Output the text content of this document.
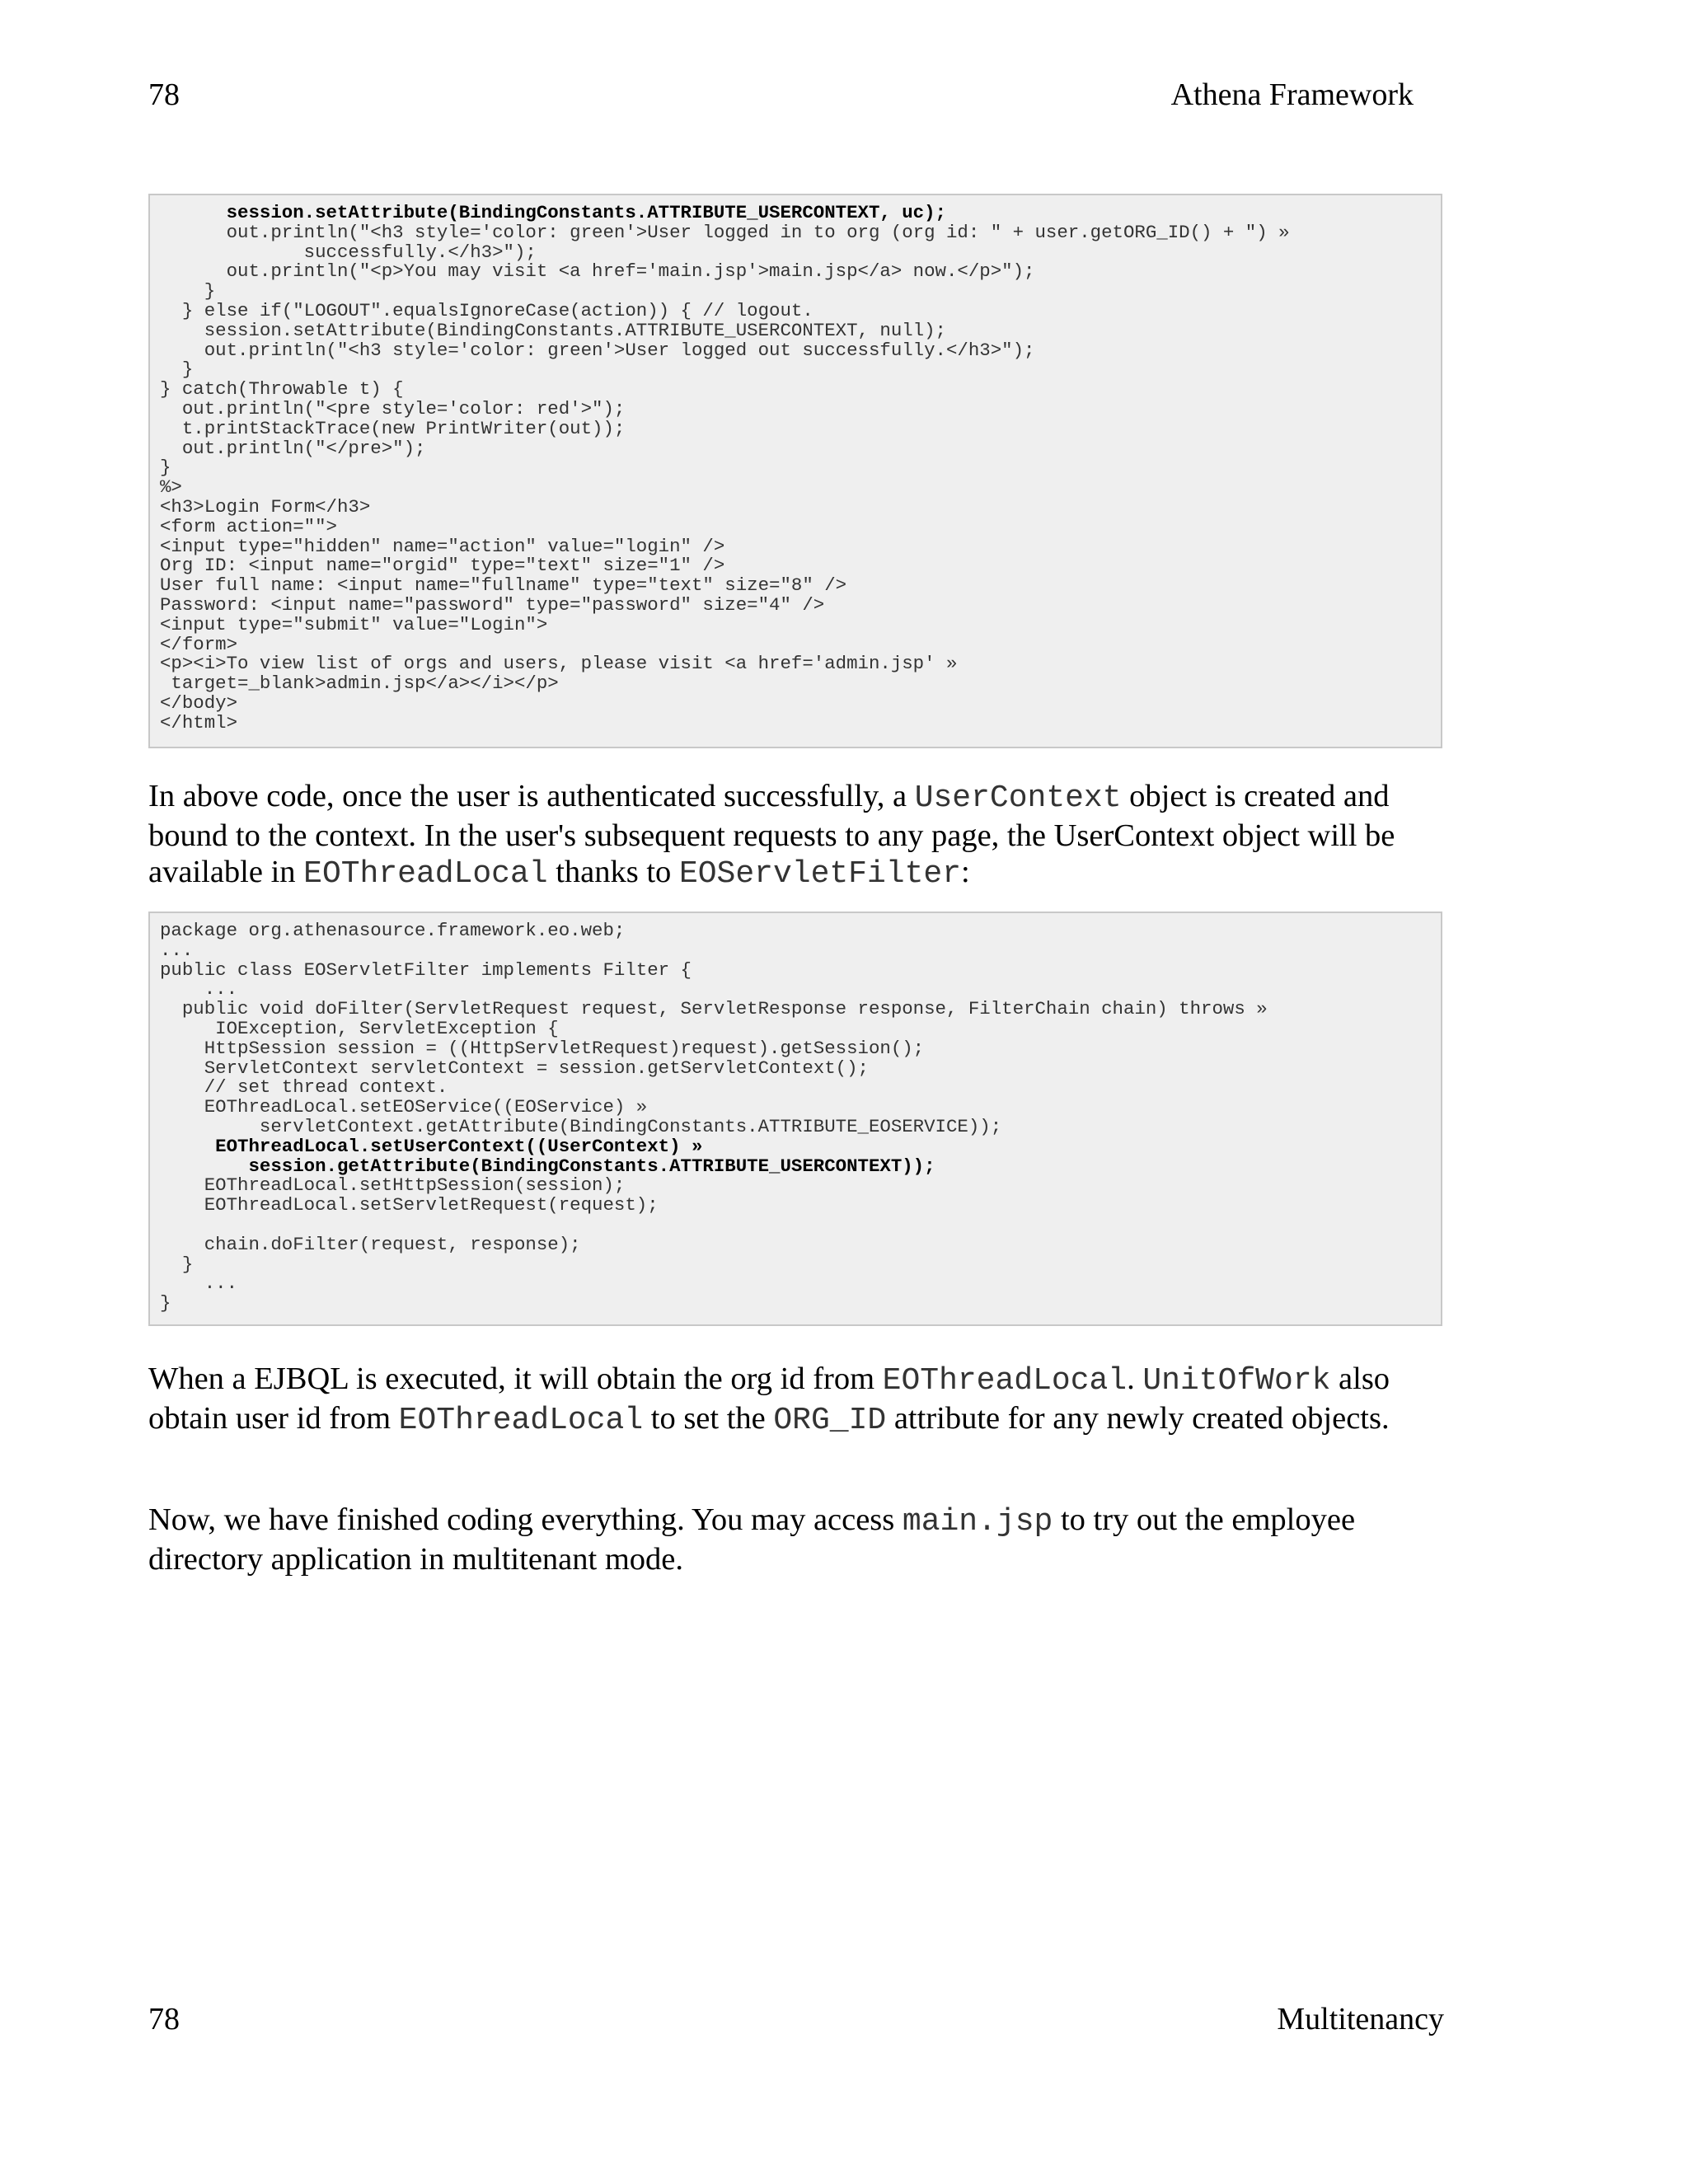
78	Athena Framework
session.setAttribute(BindingConstants.ATTRIBUTE_USERCONTEXT, uc);
out.println("<h3 style='color: green'>User logged in to org (org id: " + user.getORG_ID() + ") »
successfully.</h3>");
out.println("<p>You may visit <a href='main.jsp'>main.jsp</a> now.</p>");
}
} else if("LOGOUT".equalsIgnoreCase(action)) { // logout.
session.setAttribute(BindingConstants.ATTRIBUTE_USERCONTEXT, null);
out.println("<h3 style='color: green'>User logged out successfully.</h3>");
}
} catch(Throwable t) {
out.println("<pre style='color: red'>");
t.printStackTrace(new PrintWriter(out));
out.println("</pre>");
}
%>
<h3>Login Form</h3>
<form action="">
<input type="hidden" name="action" value="login" />
Org ID: <input name="orgid" type="text" size="1" />
User full name: <input name="fullname" type="text" size="8" />
Password: <input name="password" type="password" size="4" />
<input type="submit" value="Login">
</form>
<p><i>To view list of orgs and users, please visit <a href='admin.jsp' »
target=_blank>admin.jsp</a></i></p>
</body>
</html>

In above code, once the user is authenticated successfully, a UserContext object is created and bound to the context. In the user's subsequent requests to any page, the UserContext object will be available in EOThreadLocal thanks to EOServletFilter:

package org.athenasource.framework.eo.web;
...
public class EOServletFilter implements Filter {
...
public void doFilter(ServletRequest request, ServletResponse response, FilterChain chain) throws »
IOException, ServletException {
HttpSession session = ((HttpServletRequest)request).getSession();
ServletContext servletContext = session.getServletContext();
// set thread context.
EOThreadLocal.setEOService((EOService) »
servletContext.getAttribute(BindingConstants.ATTRIBUTE_EOSERVICE));
EOThreadLocal.setUserContext((UserContext) »
session.getAttribute(BindingConstants.ATTRIBUTE_USERCONTEXT));
EOThreadLocal.setHttpSession(session);
EOThreadLocal.setServletRequest(request);

chain.doFilter(request, response);
}
...
}

When a EJBQL is executed, it will obtain the org id from EOThreadLocal. UnitOfWork also obtain user id from EOThreadLocal to set the ORG_ID attribute for any newly created objects.

Now, we have finished coding everything. You may access main.jsp to try out the employee directory application in multitenant mode.

78	Multitenancy
